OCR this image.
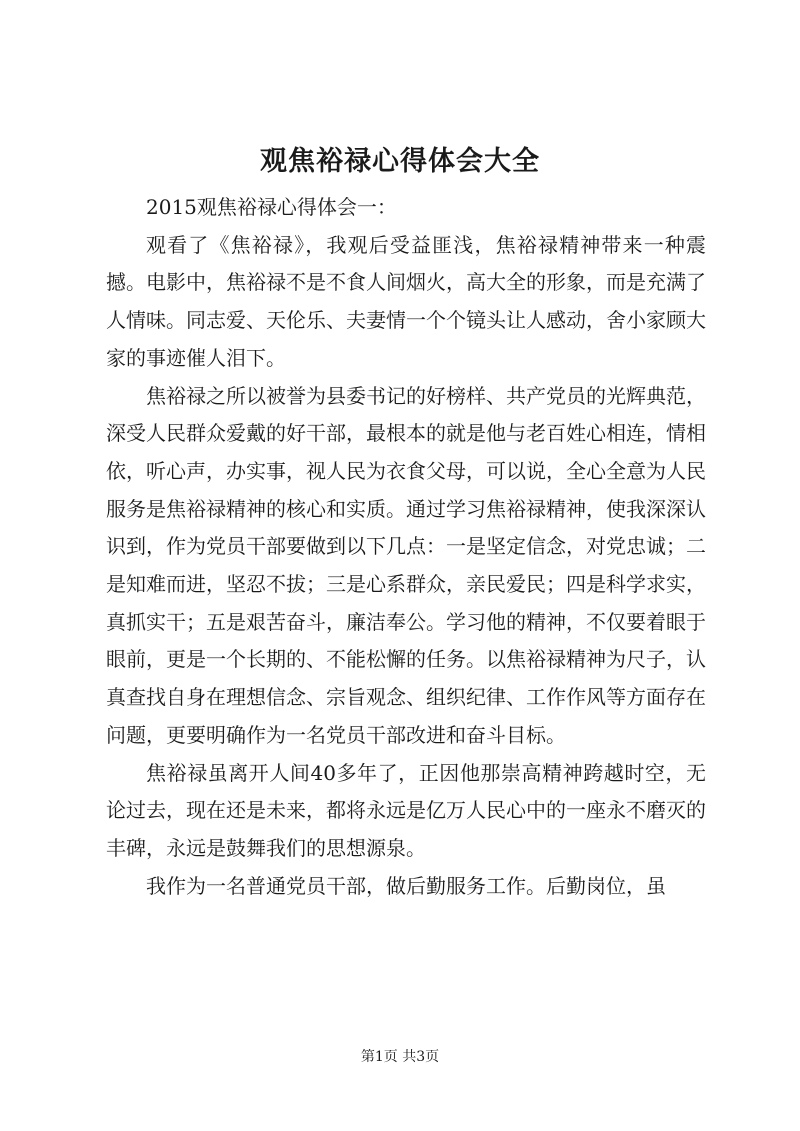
观焦裕禄心得体会大全

2015观焦裕禄心得体会一：

观看了《焦裕禄》，我观后受益匪浅，焦裕禄精神带来一种震撼。电影中，焦裕禄不是不食人间烟火，高大全的形象，而是充满了人情味。同志爱、天伦乐、夫妻情一个个镜头让人感动，舍小家顾大家的事迹催人泪下。

焦裕禄之所以被誉为县委书记的好榜样、共产党员的光辉典范，深受人民群众爱戴的好干部，最根本的就是他与老百姓心相连，情相依，听心声，办实事，视人民为衣食父母，可以说，全心全意为人民服务是焦裕禄精神的核心和实质。通过学习焦裕禄精神，使我深深认识到，作为党员干部要做到以下几点：一是坚定信念，对党忠诚；二是知难而进，坚忍不拔；三是心系群众，亲民爱民；四是科学求实，真抓实干；五是艰苦奋斗，廉洁奉公。学习他的精神，不仅要着眼于眼前，更是一个长期的、不能松懈的任务。以焦裕禄精神为尺子，认真查找自身在理想信念、宗旨观念、组织纪律、工作作风等方面存在问题，更要明确作为一名党员干部改进和奋斗目标。

焦裕禄虽离开人间40多年了，正因他那崇高精神跨越时空，无论过去，现在还是未来，都将永远是亿万人民心中的一座永不磨灭的丰碑，永远是鼓舞我们的思想源泉。

我作为一名普通党员干部，做后勤服务工作。后勤岗位，虽

第1页 共3页
